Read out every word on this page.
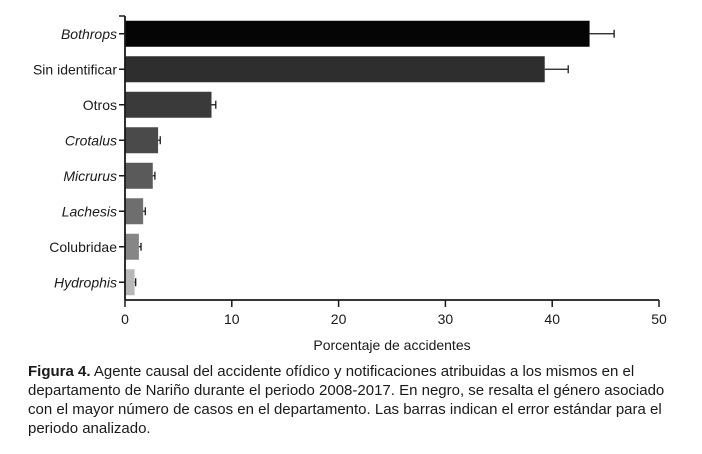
Bothrops
Sin identificar
Otros
Crotalus
Micrurus
Lachesis
Colubridae
Hydrophis
0	10	20	30	40	50
Porcentaje de accidentes
Figura 4. Agente causal del accidente ofídico y notificaciones atribuidas a los mismos en el departamento de Nariño durante el periodo 2008-2017. En negro, se resalta el género asociado con el mayor número de casos en el departamento. Las barras indican el error estándar para el periodo analizado.
